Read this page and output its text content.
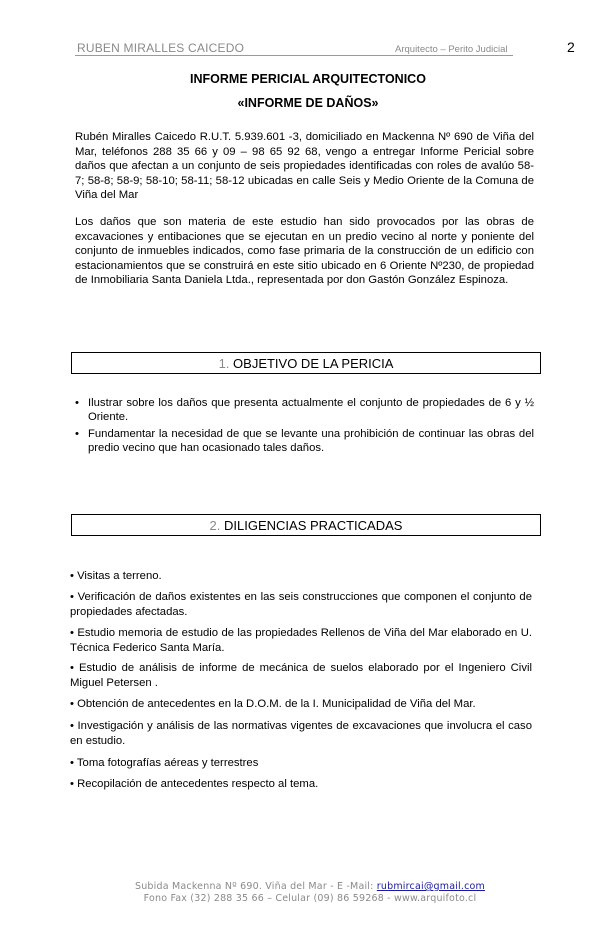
RUBEN MIRALLES CAICEDO	Arquitecto – Perito Judicial	2
INFORME PERICIAL ARQUITECTONICO
«INFORME DE DAÑOS»

Rubén Miralles Caicedo R.U.T. 5.939.601 -3, domiciliado en Mackenna Nº 690 de Viña del Mar, teléfonos 288 35 66 y 09 – 98 65 92 68, vengo a entregar Informe Pericial sobre daños que afectan a un conjunto de seis propiedades identificadas con roles de avalúo 58-7; 58-8; 58-9; 58-10; 58-11; 58-12 ubicadas en calle Seis y Medio Oriente de la Comuna de Viña del Mar

Los daños que son materia de este estudio han sido provocados por las obras de excavaciones y entibaciones que se ejecutan en un predio vecino al norte y poniente del conjunto de inmuebles indicados, como fase primaria de la construcción de un edificio con estacionamientos que se construirá en este sitio ubicado en 6 Oriente Nº230, de propiedad de Inmobiliaria Santa Daniela Ltda., representada por don Gastón González Espinoza.

1. OBJETIVO DE LA PERICIA
• Ilustrar sobre los daños que presenta actualmente el conjunto de propiedades de 6 y ½ Oriente.
• Fundamentar la necesidad de que se levante una prohibición de continuar las obras del predio vecino que han ocasionado tales daños.
2. DILIGENCIAS PRACTICADAS

• Visitas a terreno.

• Verificación de daños existentes en las seis construcciones que componen el conjunto de propiedades afectadas.

• Estudio memoria de estudio de las propiedades Rellenos de Viña del Mar elaborado en U. Técnica Federico Santa María.

• Estudio de análisis de informe de mecánica de suelos elaborado por el Ingeniero Civil Miguel Petersen .

• Obtención de antecedentes en la D.O.M. de la I. Municipalidad de Viña del Mar.

• Investigación y análisis de las normativas vigentes de excavaciones que involucra el caso en estudio.

• Toma fotografías aéreas y terrestres

• Recopilación de antecedentes respecto al tema.

Subida Mackenna Nº 690. Viña del Mar - E -Mail: rubmircai@gmail.com
Fono Fax (32) 288 35 66 – Celular (09) 86 59268 - www.arquifoto.cl
